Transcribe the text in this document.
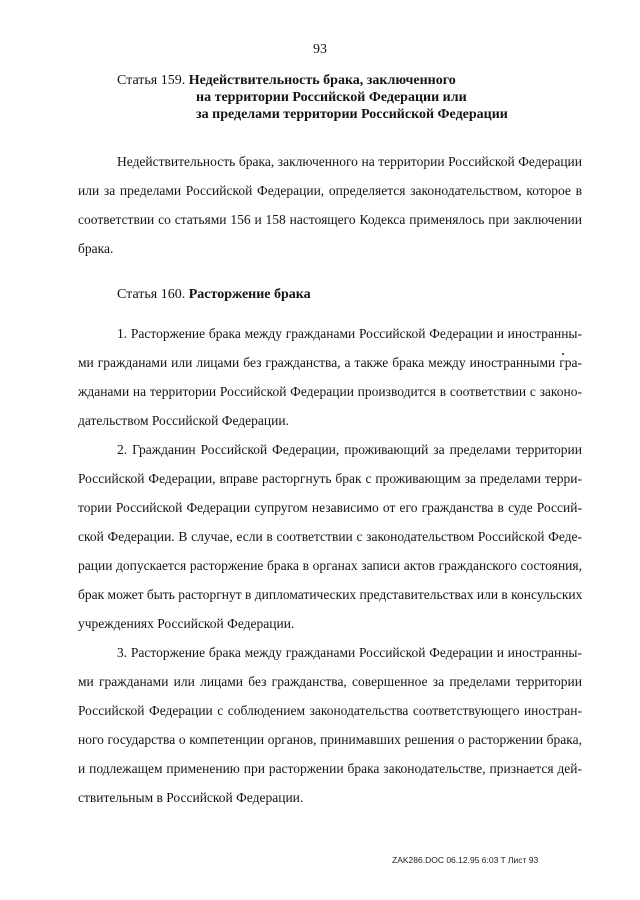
93
Статья 159. Недействительность брака, заключенного
на территории Российской Федерации или
за пределами территории Российской Федерации
Недействительность брака, заключенного на территории Российской Федерации
или за пределами Российской Федерации, определяется законодательством, которое в
соответствии со статьями 156 и 158 настоящего Кодекса применялось при заключении
брака.
Статья 160. Расторжение брака
1. Расторжение брака между гражданами Российской Федерации и иностранны-
ми гражданами или лицами без гражданства, а также брака между иностранными гра-
жданами на территории Российской Федерации производится в соответствии с законо-
дательством Российской Федерации.
2. Гражданин Российской Федерации, проживающий за пределами территории
Российской Федерации, вправе расторгнуть брак с проживающим за пределами терри-
тории Российской Федерации супругом независимо от его гражданства в суде Россий-
ской Федерации. В случае, если в соответствии с законодательством Российской Феде-
рации допускается расторжение брака в органах записи актов гражданского состояния,
брак может быть расторгнут в дипломатических представительствах или в консульских
учреждениях Российской Федерации.
3. Расторжение брака между гражданами Российской Федерации и иностранны-
ми гражданами или лицами без гражданства, совершенное за пределами территории
Российской Федерации с соблюдением законодательства соответствующего иностран-
ного государства о компетенции органов, принимавших решения о расторжении брака,
и подлежащем применению при расторжении брака законодательстве, признается дей-
ствительным в Российской Федерации.
ZAK286.DOC 06.12.95 6:03 T Лист 93
